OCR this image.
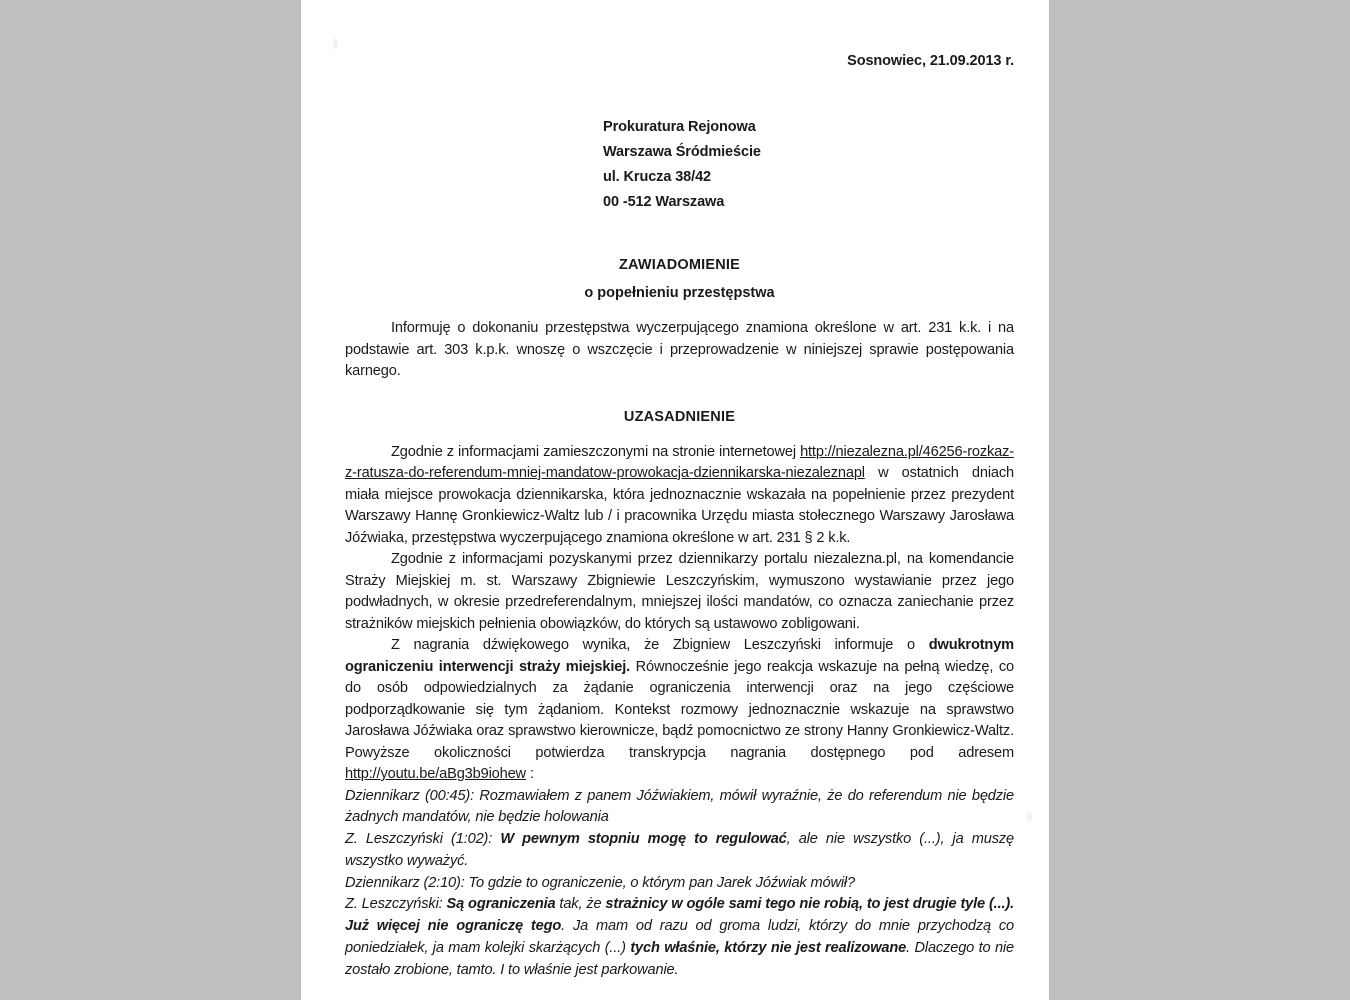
Sosnowiec, 21.09.2013 r.
Prokuratura Rejonowa
Warszawa Śródmieście
ul. Krucza 38/42
00 -512 Warszawa
ZAWIADOMIENIE
o popełnieniu przestępstwa

Informuję o dokonaniu przestępstwa wyczerpującego znamiona określone w art. 231 k.k. i na podstawie art. 303 k.p.k. wnoszę o wszczęcie i przeprowadzenie w niniejszej sprawie postępowania karnego.

UZASADNIENIE

Zgodnie z informacjami zamieszczonymi na stronie internetowej http://niezalezna.pl/46256-rozkaz-z-ratusza-do-referendum-mniej-mandatow-prowokacja-dziennikarska-niezaleznapl w ostatnich dniach miała miejsce prowokacja dziennikarska, która jednoznacznie wskazała na popełnienie przez prezydent Warszawy Hannę Gronkiewicz-Waltz lub / i pracownika Urzędu miasta stołecznego Warszawy Jarosława Jóźwiaka, przestępstwa wyczerpującego znamiona określone w art. 231 § 2 k.k.

Zgodnie z informacjami pozyskanymi przez dziennikarzy portalu niezalezna.pl, na komendancie Straży Miejskiej m. st. Warszawy Zbigniewie Leszczyńskim, wymuszono wystawianie przez jego podwładnych, w okresie przedreferendalnym, mniejszej ilości mandatów, co oznacza zaniechanie przez strażników miejskich pełnienia obowiązków, do których są ustawowo zobligowani.

Z nagrania dźwiękowego wynika, że Zbigniew Leszczyński informuje o dwukrotnym ograniczeniu interwencji straży miejskiej. Równocześnie jego reakcja wskazuje na pełną wiedzę, co do osób odpowiedzialnych za żądanie ograniczenia interwencji oraz na jego częściowe podporządkowanie się tym żądaniom. Kontekst rozmowy jednoznacznie wskazuje na sprawstwo Jarosława Jóźwiaka oraz sprawstwo kierownicze, bądź pomocnictwo ze strony Hanny Gronkiewicz-Waltz. Powyższe okoliczności potwierdza transkrypcja nagrania dostępnego pod adresem http://youtu.be/aBg3b9iohew :

Dziennikarz (00:45): Rozmawiałem z panem Jóźwiakiem, mówił wyraźnie, że do referendum nie będzie żadnych mandatów, nie będzie holowania

Z. Leszczyński (1:02): W pewnym stopniu mogę to regulować, ale nie wszystko (...), ja muszę wszystko wyważyć.

Dziennikarz (2:10): To gdzie to ograniczenie, o którym pan Jarek Jóźwiak mówił?

Z. Leszczyński: Są ograniczenia tak, że strażnicy w ogóle sami tego nie robią, to jest drugie tyle (...). Już więcej nie ograniczę tego. Ja mam od razu od groma ludzi, którzy do mnie przychodzą co poniedziałek, ja mam kolejki skarżących (...) tych właśnie, którzy nie jest realizowane. Dlaczego to nie zostało zrobione, tamto. I to właśnie jest parkowanie.
